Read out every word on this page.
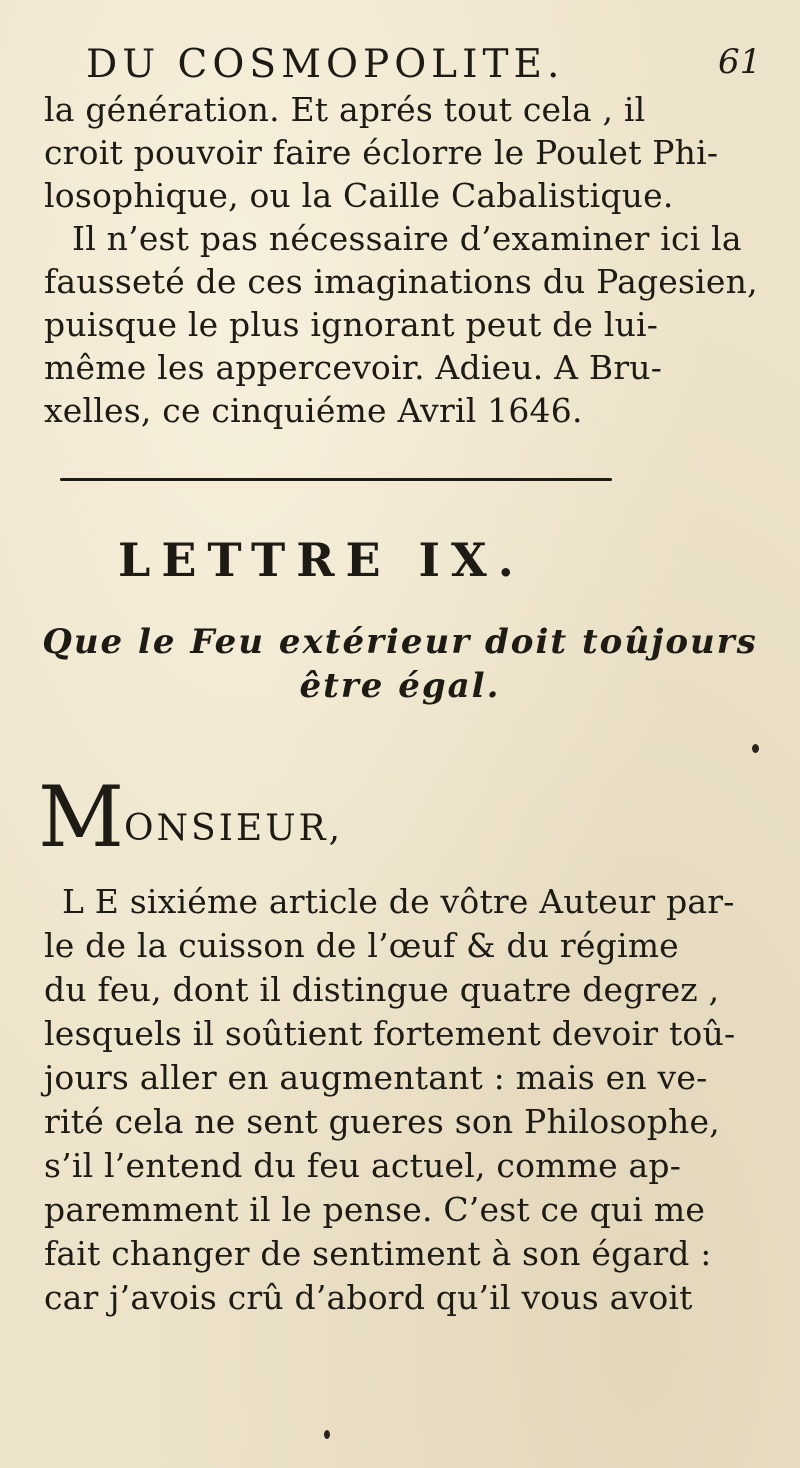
DU COSMOPOLITE.	61
la génération. Et aprés tout cela , il
croit pouvoir faire éclorre le Poulet Phi-
losophique, ou la Caille Cabalistique.
Il n’est pas nécessaire d’examiner ici la
fausseté de ces imaginations du Pagesien,
puisque le plus ignorant peut de lui-
même les appercevoir. Adieu. A Bru-
xelles, ce cinquiéme Avril 1646.
LETTRE IX.
Que le Feu extérieur doit toûjours
être égal.
MONSIEUR,
L E sixiéme article de vôtre Auteur par-
le de la cuisson de l’œuf & du régime
du feu, dont il distingue quatre degrez ,
lesquels il soûtient fortement devoir toû-
jours aller en augmentant : mais en ve-
rité cela ne sent gueres son Philosophe,
s’il l’entend du feu actuel, comme ap-
paremment il le pense. C’est ce qui me
fait changer de sentiment à son égard :
car j’avois crû d’abord qu’il vous avoit
